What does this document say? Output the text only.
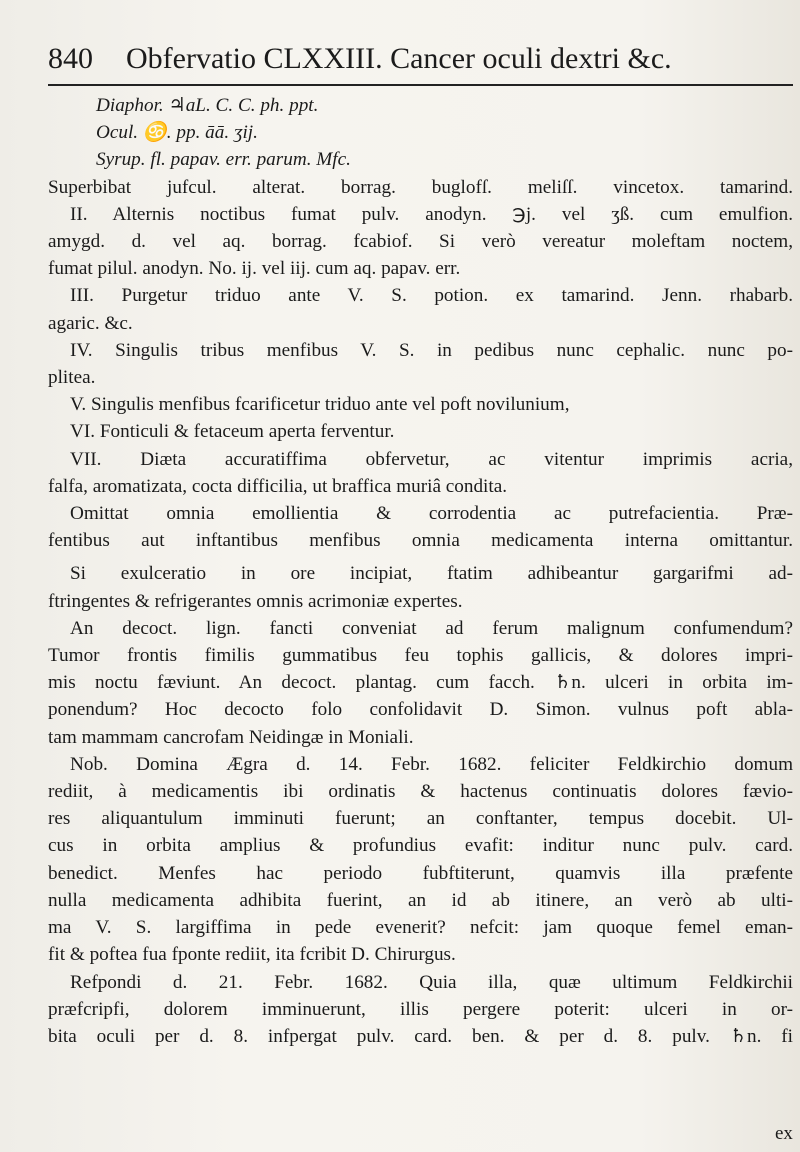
840 Obfervatio CLXXIII. Cancer oculi dextri &c.
Diaphor. ♃aL. C. C. ph. ppt.
Ocul. ♋. pp. āā. ʒij.
Syrup. fl. papav. err. parum. Mfc.
Superbibat jufcul. alterat. borrag. buglofſ. meliſſ. vincetox. tamarind.
II. Alternis noctibus fumat pulv. anodyn. ℈j. vel ʒß. cum emulfion.
amygd. d. vel aq. borrag. fcabiof. Si verò vereatur moleftam noctem,
fumat pilul. anodyn. No. ij. vel iij. cum aq. papav. err.
III. Purgetur triduo ante V. S. potion. ex tamarind. Jenn. rhabarb.
agaric. &c.
IV. Singulis tribus menfibus V. S. in pedibus nunc cephalic. nunc po-
plitea.
V. Singulis menfibus fcarificetur triduo ante vel poft novilunium,
VI. Fonticuli & fetaceum aperta ferventur.
VII. Diæta accuratiffima obfervetur, ac vitentur imprimis acria,
falfa, aromatizata, cocta difficilia, ut braffica muriâ condita.
Omittat omnia emollientia & corrodentia ac putrefacientia. Præ-
fentibus aut inftantibus menfibus omnia medicamenta interna omittantur.
Si exulceratio in ore incipiat, ftatim adhibeantur gargarifmi ad-
ftringentes & refrigerantes omnis acrimoniæ expertes.
An decoct. lign. fancti conveniat ad ferum malignum confumendum?
Tumor frontis fimilis gummatibus feu tophis gallicis, & dolores impri-
mis noctu fæviunt. An decoct. plantag. cum facch. ♄n. ulceri in orbita im-
ponendum? Hoc decocto folo confolidavit D. Simon. vulnus poft abla-
tam mammam cancrofam Neidingæ in Moniali.
Nob. Domina Ægra d. 14. Febr. 1682. feliciter Feldkirchio domum
rediit, à medicamentis ibi ordinatis & hactenus continuatis dolores fævio-
res aliquantulum imminuti fuerunt; an conftanter, tempus docebit. Ul-
cus in orbita amplius & profundius evafit: inditur nunc pulv. card.
benedict. Menfes hac periodo fubftiterunt, quamvis illa præfente
nulla medicamenta adhibita fuerint, an id ab itinere, an verò ab ulti-
ma V. S. largiffima in pede evenerit? nefcit: jam quoque femel eman-
fit & poftea fua fponte rediit, ita fcribit D. Chirurgus.
Refpondi d. 21. Febr. 1682. Quia illa, quæ ultimum Feldkirchii
præfcripfi, dolorem imminuerunt, illis pergere poterit: ulceri in or-
bita oculi per d. 8. infpergat pulv. card. ben. & per d. 8. pulv. ♄n. fi
ex
